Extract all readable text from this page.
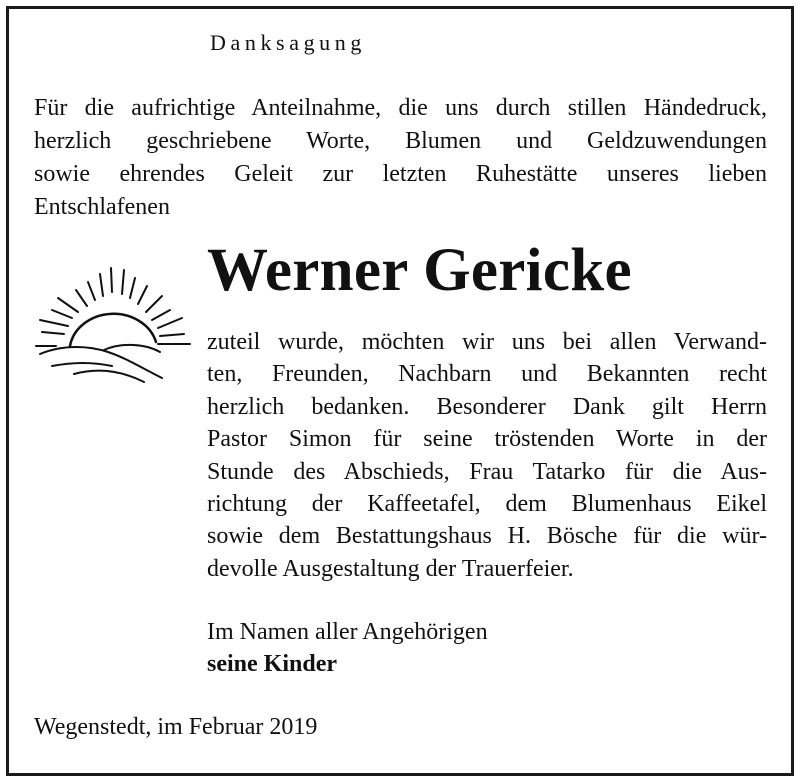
Danksagung
Für die aufrichtige Anteilnahme, die uns durch stillen Händedruck,
herzlich geschriebene Worte, Blumen und Geldzuwendungen
sowie ehrendes Geleit zur letzten Ruhestätte unseres lieben
Entschlafenen
Werner Gericke
zuteil wurde, möchten wir uns bei allen Verwand-
ten, Freunden, Nachbarn und Bekannten recht
herzlich bedanken. Besonderer Dank gilt Herrn
Pastor Simon für seine tröstenden Worte in der
Stunde des Abschieds, Frau Tatarko für die Aus-
richtung der Kaffeetafel, dem Blumenhaus Eikel
sowie dem Bestattungshaus H. Bösche für die wür-
devolle Ausgestaltung der Trauerfeier.
Im Namen aller Angehörigen
seine Kinder
Wegenstedt, im Februar 2019
